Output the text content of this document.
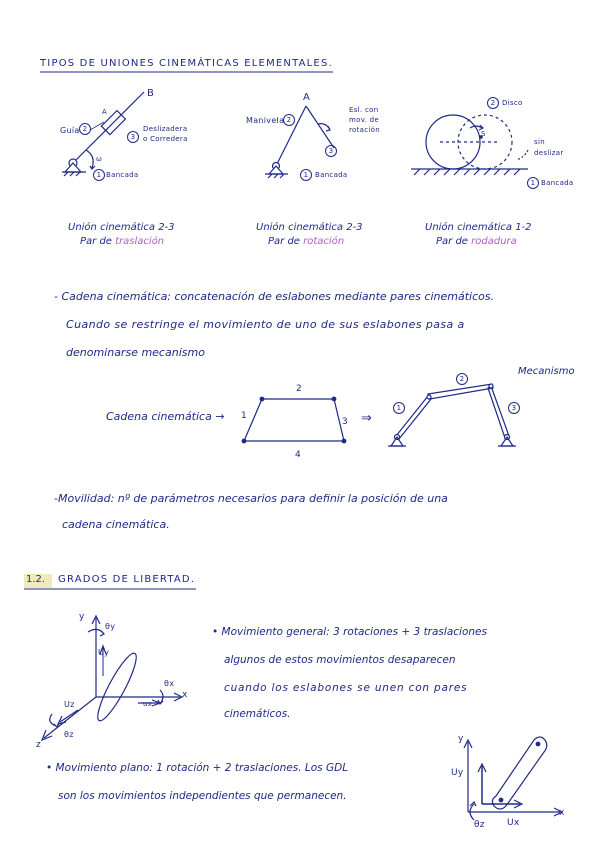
TIPOS DE UNIONES CINEMÁTICAS ELEMENTALES.
B
A
Guía 2
3
Deslizadera
o Corredera
ω
1 Bancada
Unión cinemática 2-3
Par de traslación
A
Manivela 2
3
Esl. con
mov. de
rotación
1 Bancada
Unión cinemática 2-3
Par de rotación
2 Disco
S
sin
deslizar
1 Bancada
Unión cinemática 1-2
Par de rodadura
- Cadena cinemática: concatenación de eslabones mediante pares cinemáticos.
Cuando se restringe el movimiento de uno de sus eslabones pasa a
denominarse mecanismo
Cadena cinemática → 1
2
3
4
⇒
Mecanismo
1
2
3
-Movilidad: nº de parámetros necesarios para definir la posición de una
cadena cinemática.
1.2. GRADOS DE LIBERTAD.
y
θy
Uy
Uz	ux
θx
x
z
θz
• Movimiento general: 3 rotaciones + 3 traslaciones
algunos de estos movimientos desaparecen
cuando los eslabones se unen con pares
cinemáticos.
• Movimiento plano: 1 rotación + 2 traslaciones. Los GDL
son los movimientos independientes que permanecen.
y
Uy
θz Ux
x
